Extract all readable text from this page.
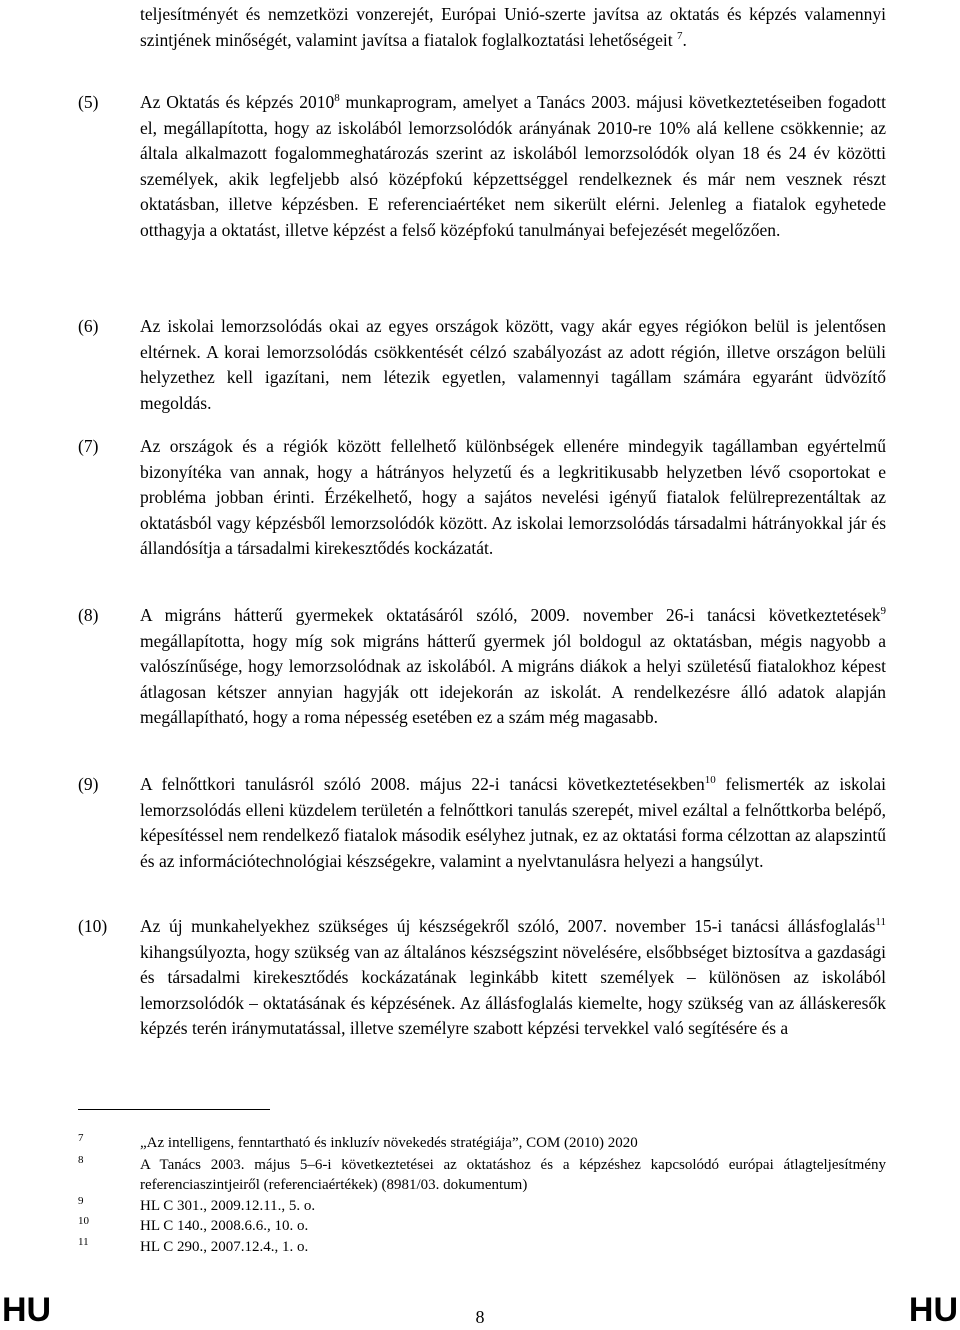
teljesítményét és nemzetközi vonzerejét, Európai Unió-szerte javítsa az oktatás és képzés valamennyi szintjének minőségét, valamint javítsa a fiatalok foglalkoztatási lehetőségeit $^7$.

(5)	Az Oktatás és képzés 2010$^8$ munkaprogram, amelyet a Tanács 2003. májusi következtetéseiben fogadott el, megállapította, hogy az iskolából lemorzsolódók arányának 2010-re 10% alá kellene csökkennie; az általa alkalmazott fogalommeghatározás szerint az iskolából lemorzsolódók olyan 18 és 24 év közötti személyek, akik legfeljebb alsó középfokú képzettséggel rendelkeznek és már nem vesznek részt oktatásban, illetve képzésben. E referenciaértéket nem sikerült elérni. Jelenleg a fiatalok egyhetede otthagyja a oktatást, illetve képzést a felső középfokú tanulmányai befejezését megelőzően.
(6)	Az iskolai lemorzsolódás okai az egyes országok között, vagy akár egyes régiókon belül is jelentősen eltérnek. A korai lemorzsolódás csökkentését célzó szabályozást az adott régión, illetve országon belüli helyzethez kell igazítani, nem létezik egyetlen, valamennyi tagállam számára egyaránt üdvözítő megoldás.
(7)	Az országok és a régiók között fellelhető különbségek ellenére mindegyik tagállamban egyértelmű bizonyítéka van annak, hogy a hátrányos helyzetű és a legkritikusabb helyzetben lévő csoportokat e probléma jobban érinti. Érzékelhető, hogy a sajátos nevelési igényű fiatalok felülreprezentáltak az oktatásból vagy képzésből lemorzsolódók között. Az iskolai lemorzsolódás társadalmi hátrányokkal jár és állandósítja a társadalmi kirekesztődés kockázatát.
(8)	A migráns hátterű gyermekek oktatásáról szóló, 2009. november 26-i tanácsi következtetések$^9$ megállapította, hogy míg sok migráns hátterű gyermek jól boldogul az oktatásban, mégis nagyobb a valószínűsége, hogy lemorzsolódnak az iskolából. A migráns diákok a helyi születésű fiatalokhoz képest átlagosan kétszer annyian hagyják ott idejekorán az iskolát. A rendelkezésre álló adatok alapján megállapítható, hogy a roma népesség esetében ez a szám még magasabb.
(9)	A felnőttkori tanulásról szóló 2008. május 22-i tanácsi következtetésekben$^{10}$ felismerték az iskolai lemorzsolódás elleni küzdelem területén a felnőttkori tanulás szerepét, mivel ezáltal a felnőttkorba belépő, képesítéssel nem rendelkező fiatalok második esélyhez jutnak, ez az oktatási forma célzottan az alapszintű és az információtechnológiai készségekre, valamint a nyelvtanulásra helyezi a hangsúlyt.
(10)	Az új munkahelyekhez szükséges új készségekről szóló, 2007. november 15-i tanácsi állásfoglalás$^{11}$ kihangsúlyozta, hogy szükség van az általános készségszint növelésére, elsőbbséget biztosítva a gazdasági és társadalmi kirekesztődés kockázatának leginkább kitett személyek – különösen az iskolából lemorzsolódók – oktatásának és képzésének. Az állásfoglalás kiemelte, hogy szükség van az álláskeresők képzés terén iránymutatással, illetve személyre szabott képzési tervekkel való segítésére és a
7	„Az intelligens, fenntartható és inkluzív növekedés stratégiája”, COM (2010) 2020
8	A Tanács 2003. május 5–6-i következtetései az oktatáshoz és a képzéshez kapcsolódó európai átlagteljesítmény referenciaszintjeiről (referenciaértékek) (8981/03. dokumentum)
9	HL C 301., 2009.12.11., 5. o.
10	HL C 140., 2008.6.6., 10. o.
11	HL C 290., 2007.12.4., 1. o.
HU	8	HU
